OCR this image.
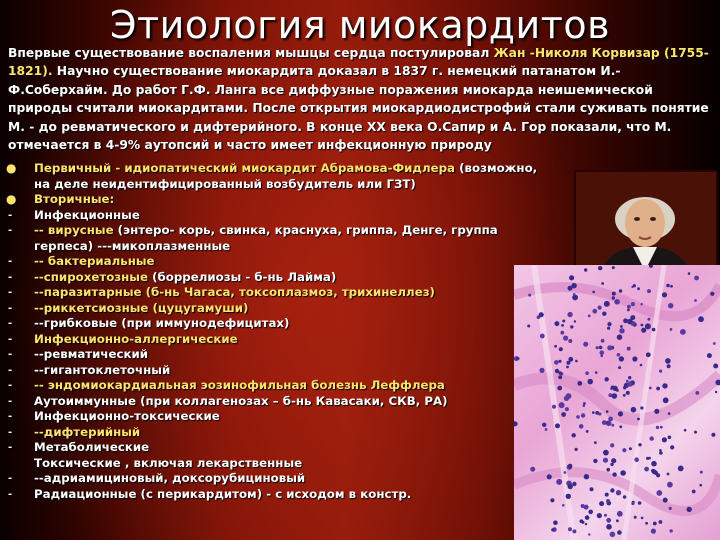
Этиология миокардитов
Впервые существование воспаления мышцы сердца постулировал Жан -Николя Корвизар (1755-1821). Научно существование миокардита доказал в 1837 г. немецкий патанатом И.-Ф.Соберхайм. До работ Г.Ф. Ланга все диффузные поражения миокарда неишемической природы считали миокардитами. После открытия миокардиодистрофий стали суживать понятие М. - до ревматического и дифтерийного. В конце ХХ века О.Сапир и А. Гор показали, что М. отмечается в 4-9% аутопсий и часто имеет инфекционную природу
● Первичный - идиопатический миокардит Абрамова-Фидлера (возможно, на деле неидентифицированный возбудитель или ГЗТ)
● Вторичные:
-	Инфекционные
-	-- вирусные (энтеро- корь, свинка, краснуха, гриппа, Денге, группа герпеса) ---микоплазменные
-	-- бактериальные
-	--спирохетозные (боррелиозы - б-нь Лайма)
-	--паразитарные (б-нь Чагаса, токсоплазмоз, трихинеллез)
-	--риккетсиозные (цуцугамуши)
-	--грибковые (при иммунодефицитах)
-	Инфекционно-аллергические
-	--ревматический
-	--гигантоклеточный
-	-- эндомиокардиальная эозинофильная болезнь Леффлера
-	Аутоиммунные (при коллагенозах – б-нь Кавасаки, СКВ, РА)
-	Инфекционно-токсические
-	--дифтерийный
-	Метаболические
Токсические , включая лекарственные
-	--адриамициновый, доксорубициновый
-	Радиационные (с перикардитом) - с исходом в констр.
